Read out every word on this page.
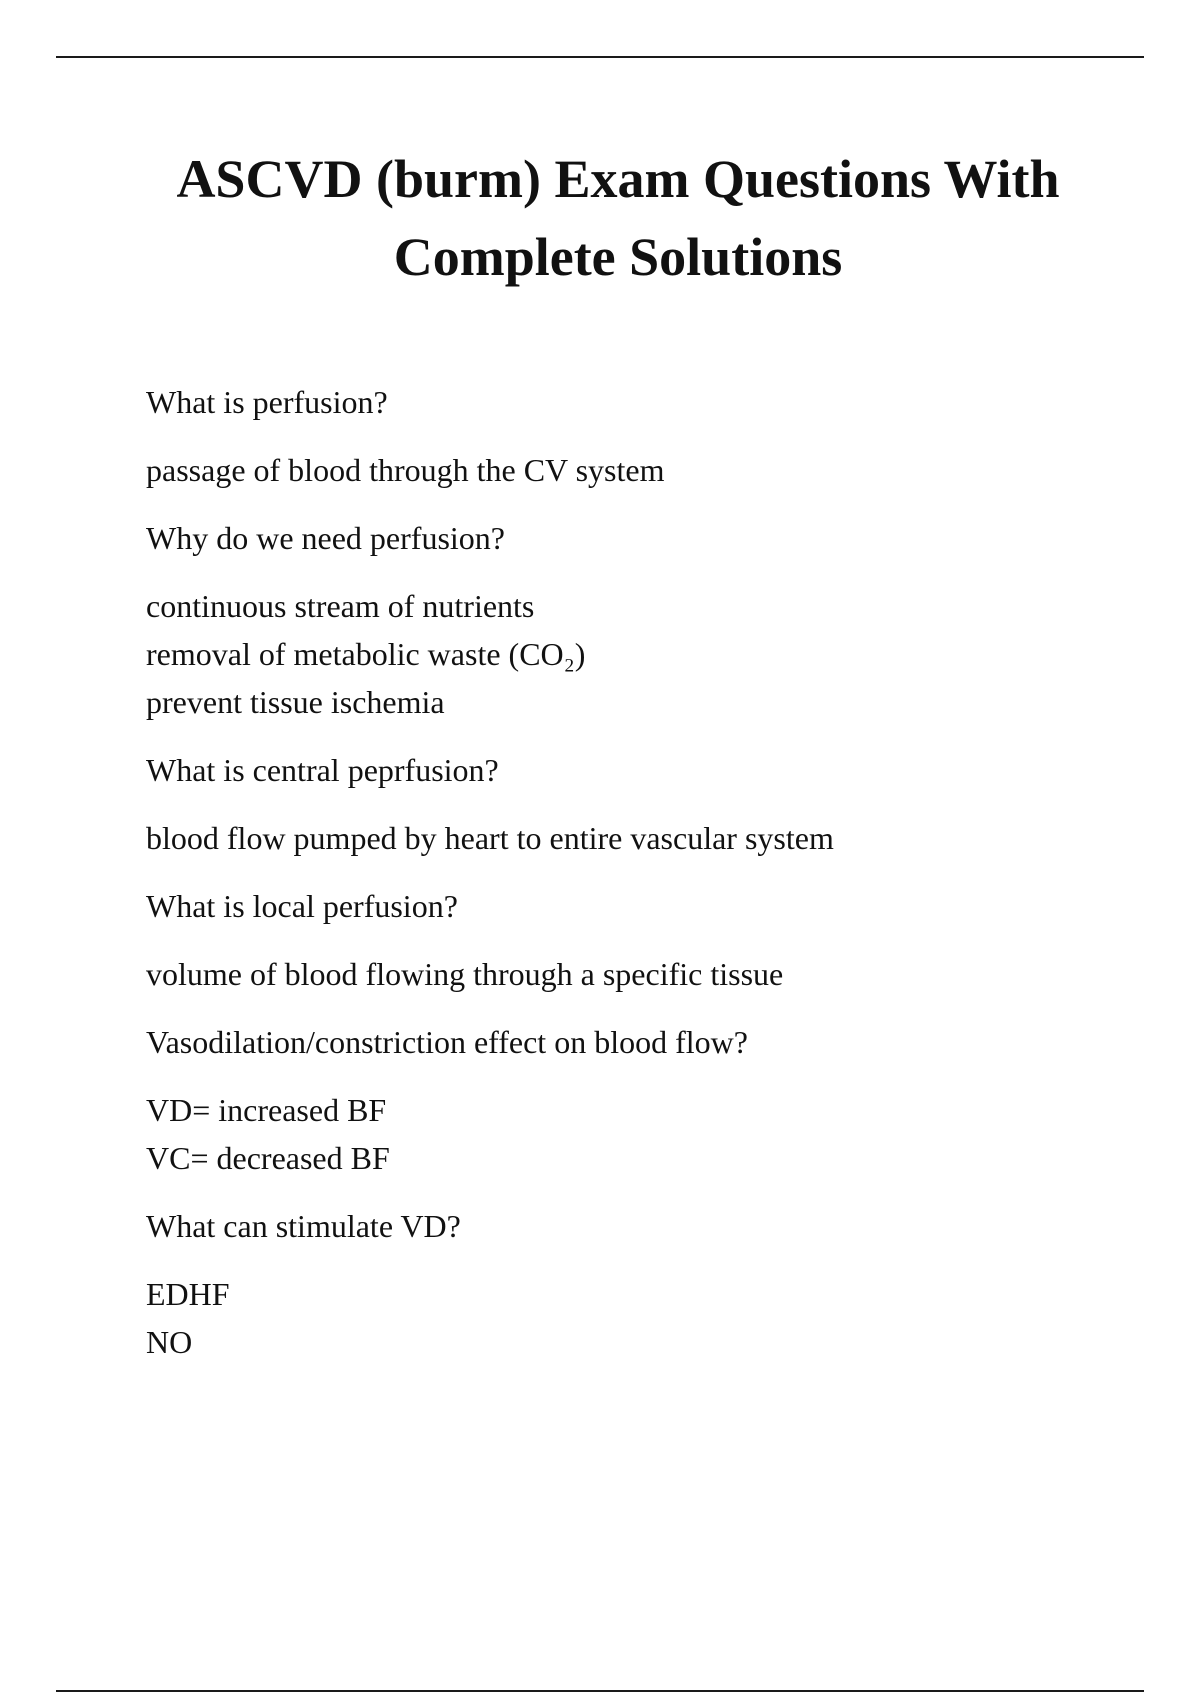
ASCVD (burm) Exam Questions With
Complete Solutions
What is perfusion?
passage of blood through the CV system
Why do we need perfusion?
continuous stream of nutrients
removal of metabolic waste (CO₂)
prevent tissue ischemia
What is central peprfusion?
blood flow pumped by heart to entire vascular system
What is local perfusion?
volume of blood flowing through a specific tissue
Vasodilation/constriction effect on blood flow?
VD= increased BF
VC= decreased BF
What can stimulate VD?
EDHF
NO
